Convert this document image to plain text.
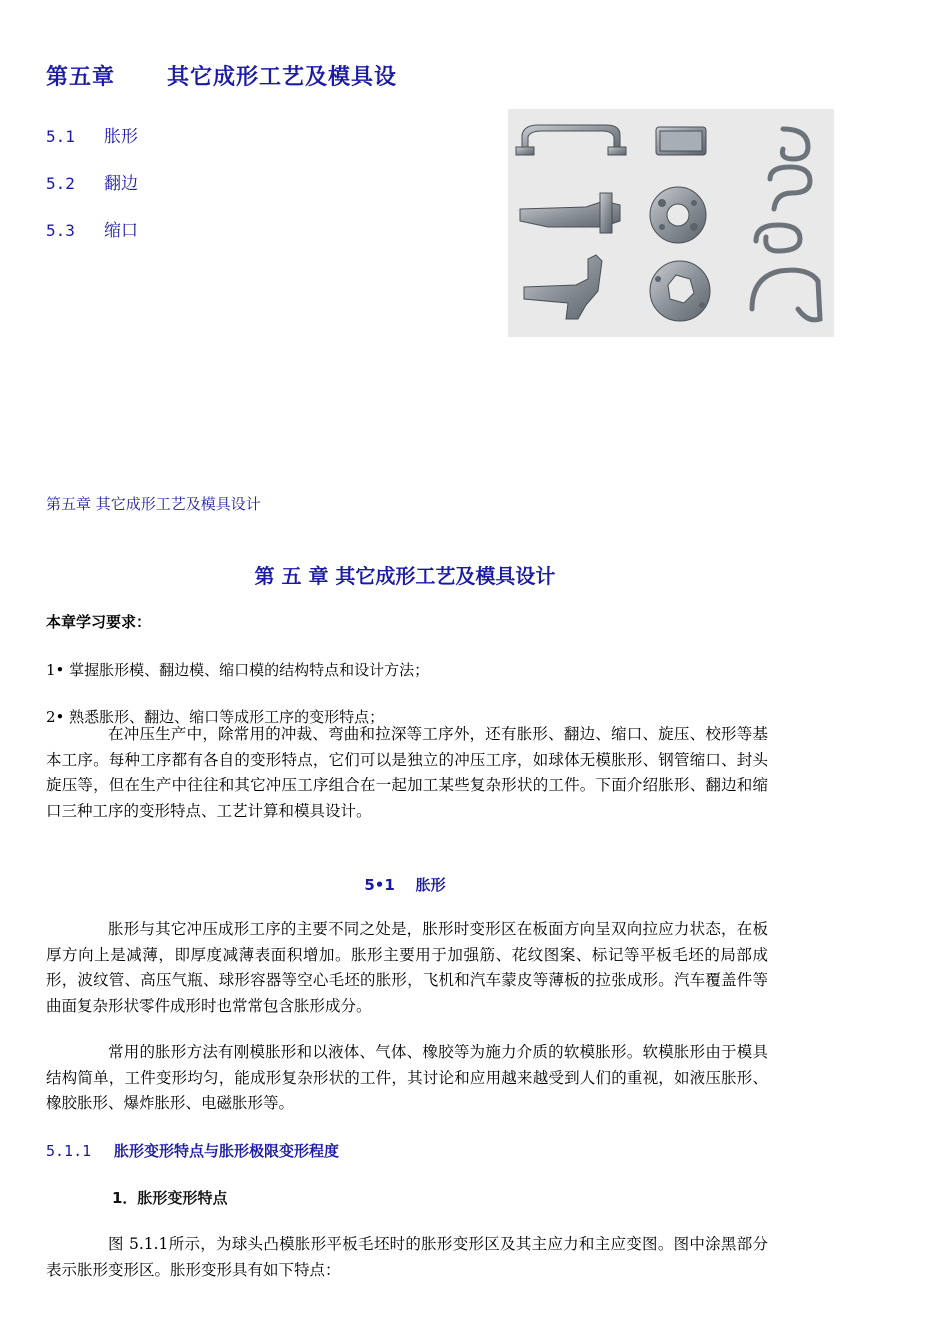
第五章 其它成形工艺及模具设
5.1 胀形
5.2 翻边
5.3 缩口
第五章 其它成形工艺及模具设计
第 五 章 其它成形工艺及模具设计
本章学习要求：
1• 掌握胀形模、翻边模、缩口模的结构特点和设计方法；
2• 熟悉胀形、翻边、缩口等成形工序的变形特点；

在冲压生产中，除常用的冲裁、弯曲和拉深等工序外，还有胀形、翻边、缩口、旋压、校形等基本工序。每种工序都有各自的变形特点，它们可以是独立的冲压工序，如球体无模胀形、钢管缩口、封头旋压等，但在生产中往往和其它冲压工序组合在一起加工某些复杂形状的工件。下面介绍胀形、翻边和缩口三种工序的变形特点、工艺计算和模具设计。

5•1 胀形

胀形与其它冲压成形工序的主要不同之处是，胀形时变形区在板面方向呈双向拉应力状态，在板厚方向上是减薄，即厚度减薄表面积增加。胀形主要用于加强筋、花纹图案、标记等平板毛坯的局部成形，波纹管、高压气瓶、球形容器等空心毛坯的胀形，飞机和汽车蒙皮等薄板的拉张成形。汽车覆盖件等曲面复杂形状零件成形时也常常包含胀形成分。

常用的胀形方法有刚模胀形和以液体、气体、橡胶等为施力介质的软模胀形。软模胀形由于模具结构简单，工件变形均匀，能成形复杂形状的工件，其讨论和应用越来越受到人们的重视，如液压胀形、橡胶胀形、爆炸胀形、电磁胀形等。

5.1.1 胀形变形特点与胀形极限变形程度
1．胀形变形特点

图 5.1.1所示，为球头凸模胀形平板毛坯时的胀形变形区及其主应力和主应变图。图中涂黑部分表示胀形变形区。胀形变形具有如下特点：
